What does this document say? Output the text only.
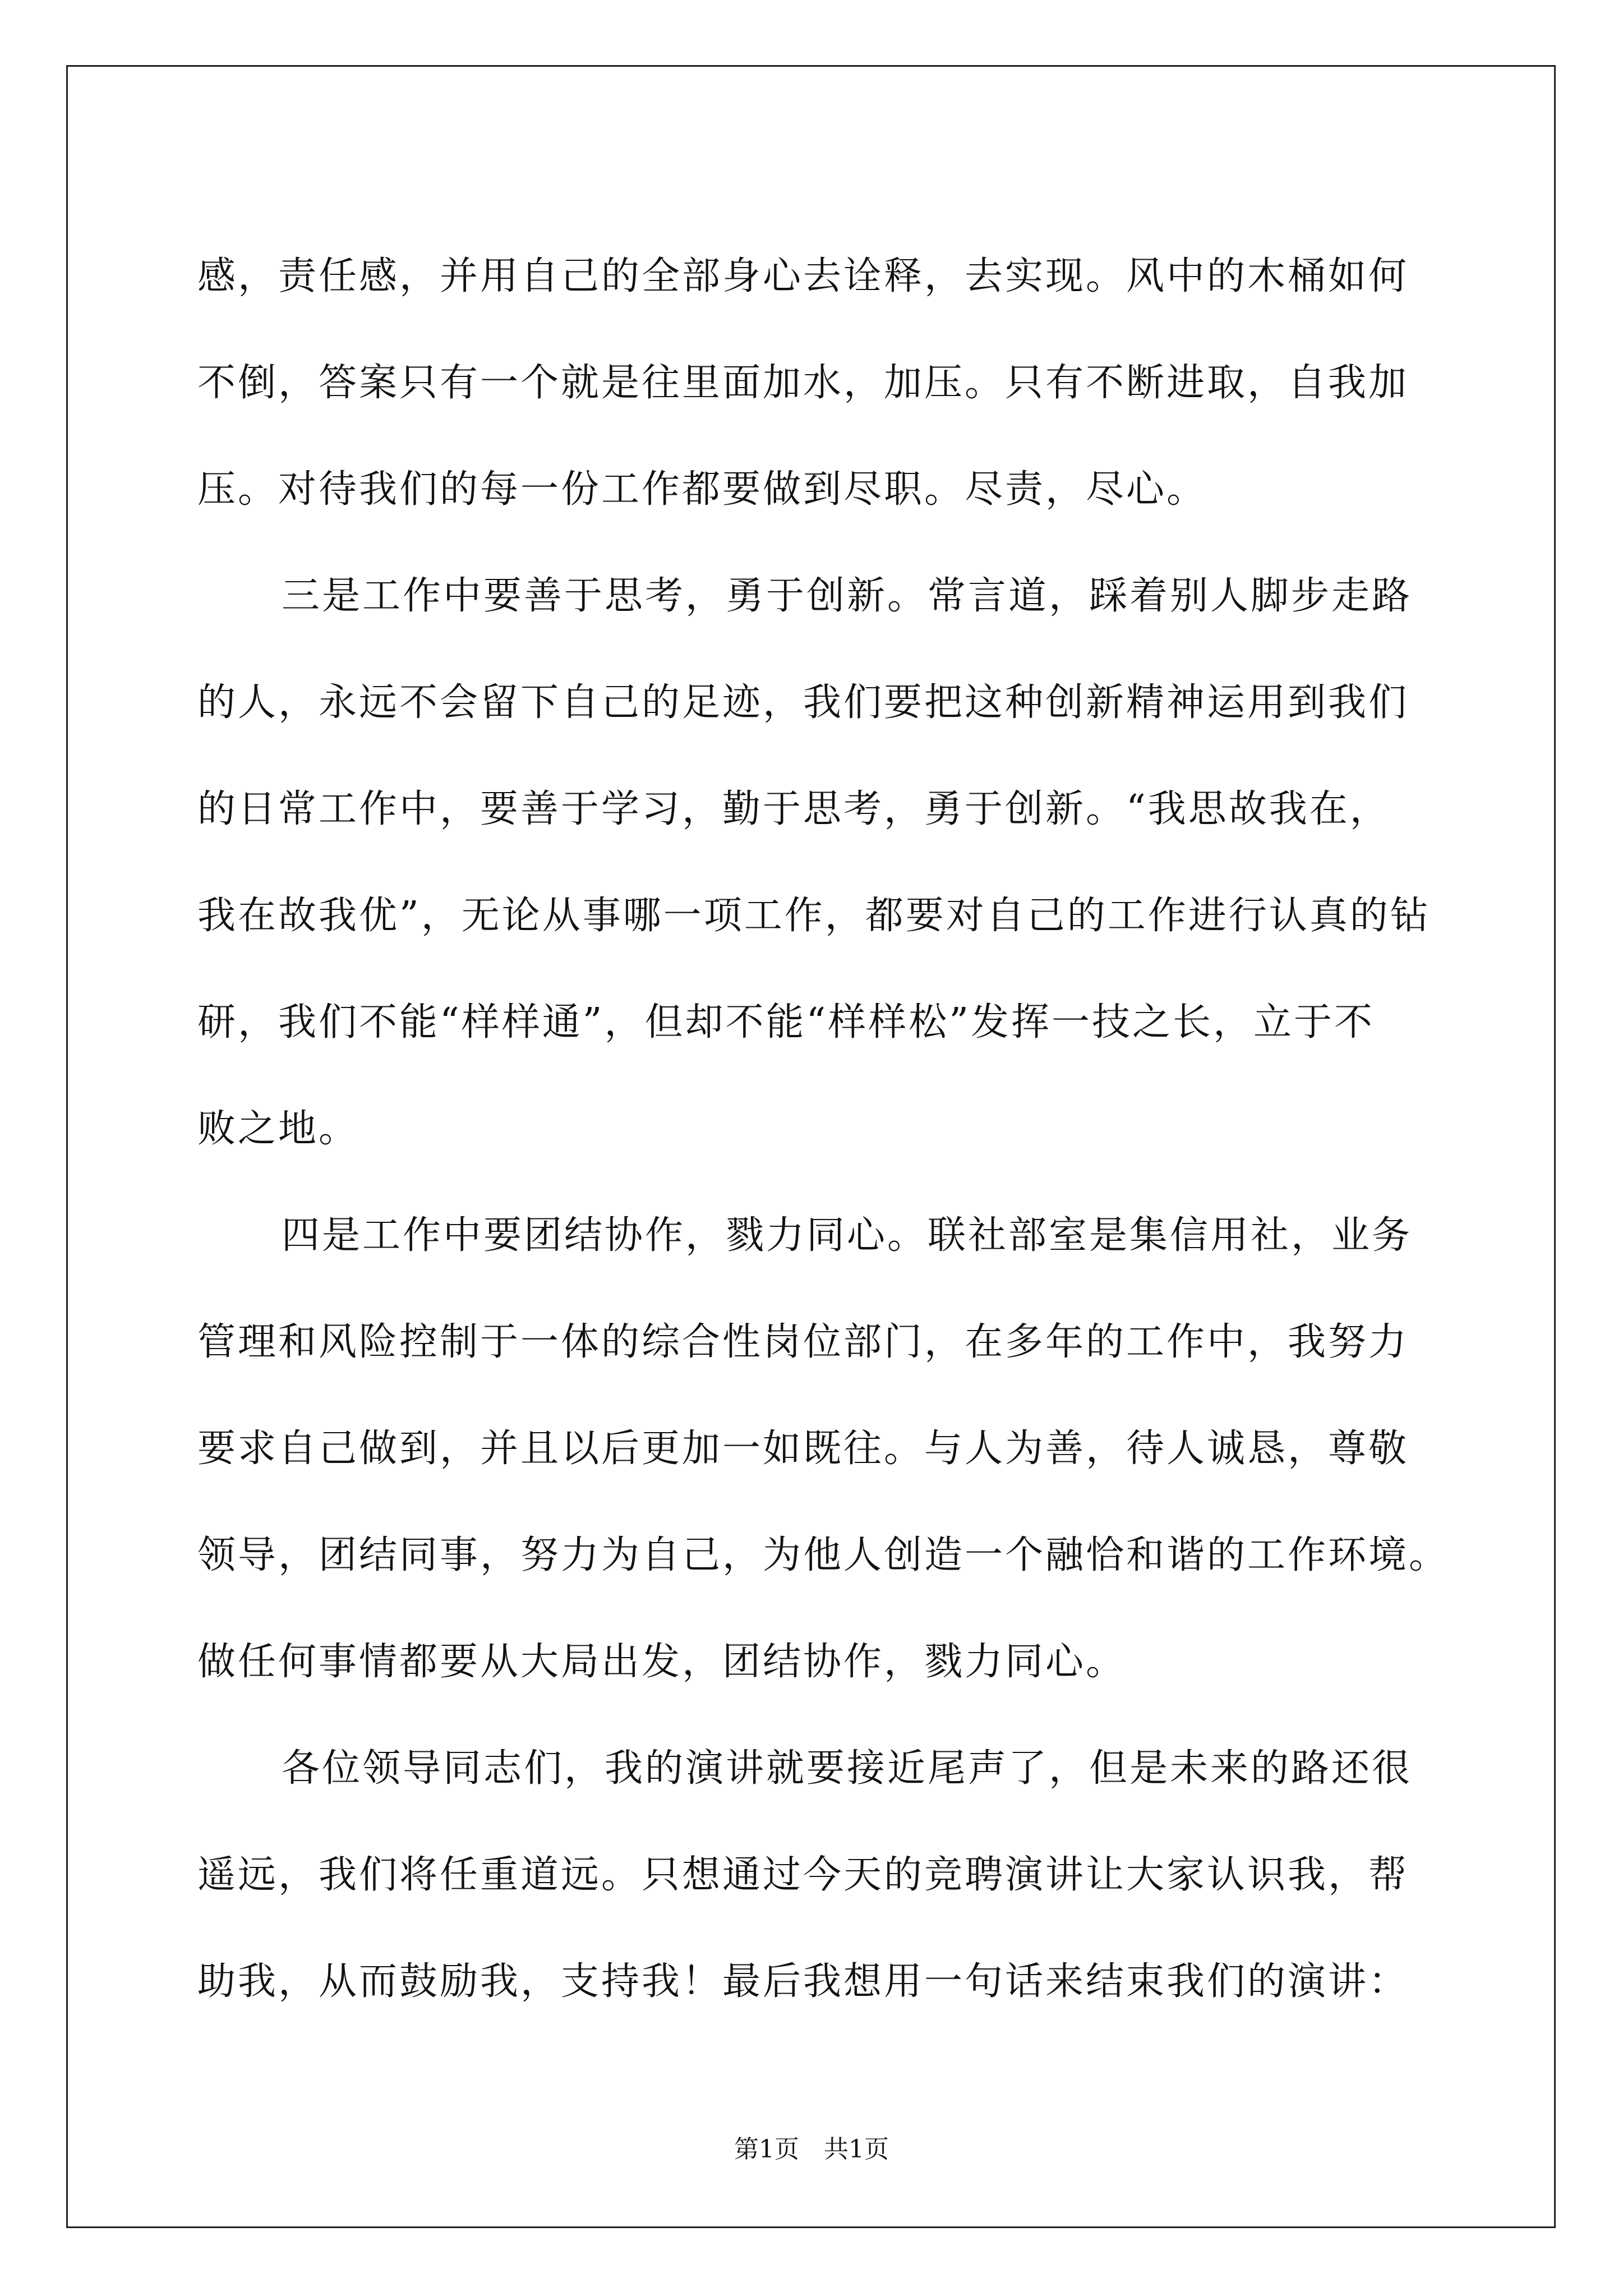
感，责任感，并用自己的全部身心去诠释，去实现。风中的木桶如何
不倒，答案只有一个就是往里面加水，加压。只有不断进取，自我加
压。对待我们的每一份工作都要做到尽职。尽责，尽心。
三是工作中要善于思考，勇于创新。常言道，踩着别人脚步走路
的人，永远不会留下自己的足迹，我们要把这种创新精神运用到我们
的日常工作中，要善于学习，勤于思考，勇于创新。“我思故我在，
我在故我优”，无论从事哪一项工作，都要对自己的工作进行认真的钻
研，我们不能“样样通”，但却不能“样样松”发挥一技之长，立于不
败之地。
四是工作中要团结协作，戮力同心。联社部室是集信用社，业务
管理和风险控制于一体的综合性岗位部门，在多年的工作中，我努力
要求自己做到，并且以后更加一如既往。与人为善，待人诚恳，尊敬
领导，团结同事，努力为自己，为他人创造一个融恰和谐的工作环境。
做任何事情都要从大局出发，团结协作，戮力同心。
各位领导同志们，我的演讲就要接近尾声了，但是未来的路还很
遥远，我们将任重道远。只想通过今天的竞聘演讲让大家认识我，帮
助我，从而鼓励我，支持我！最后我想用一句话来结束我们的演讲：
第1页　共1页
